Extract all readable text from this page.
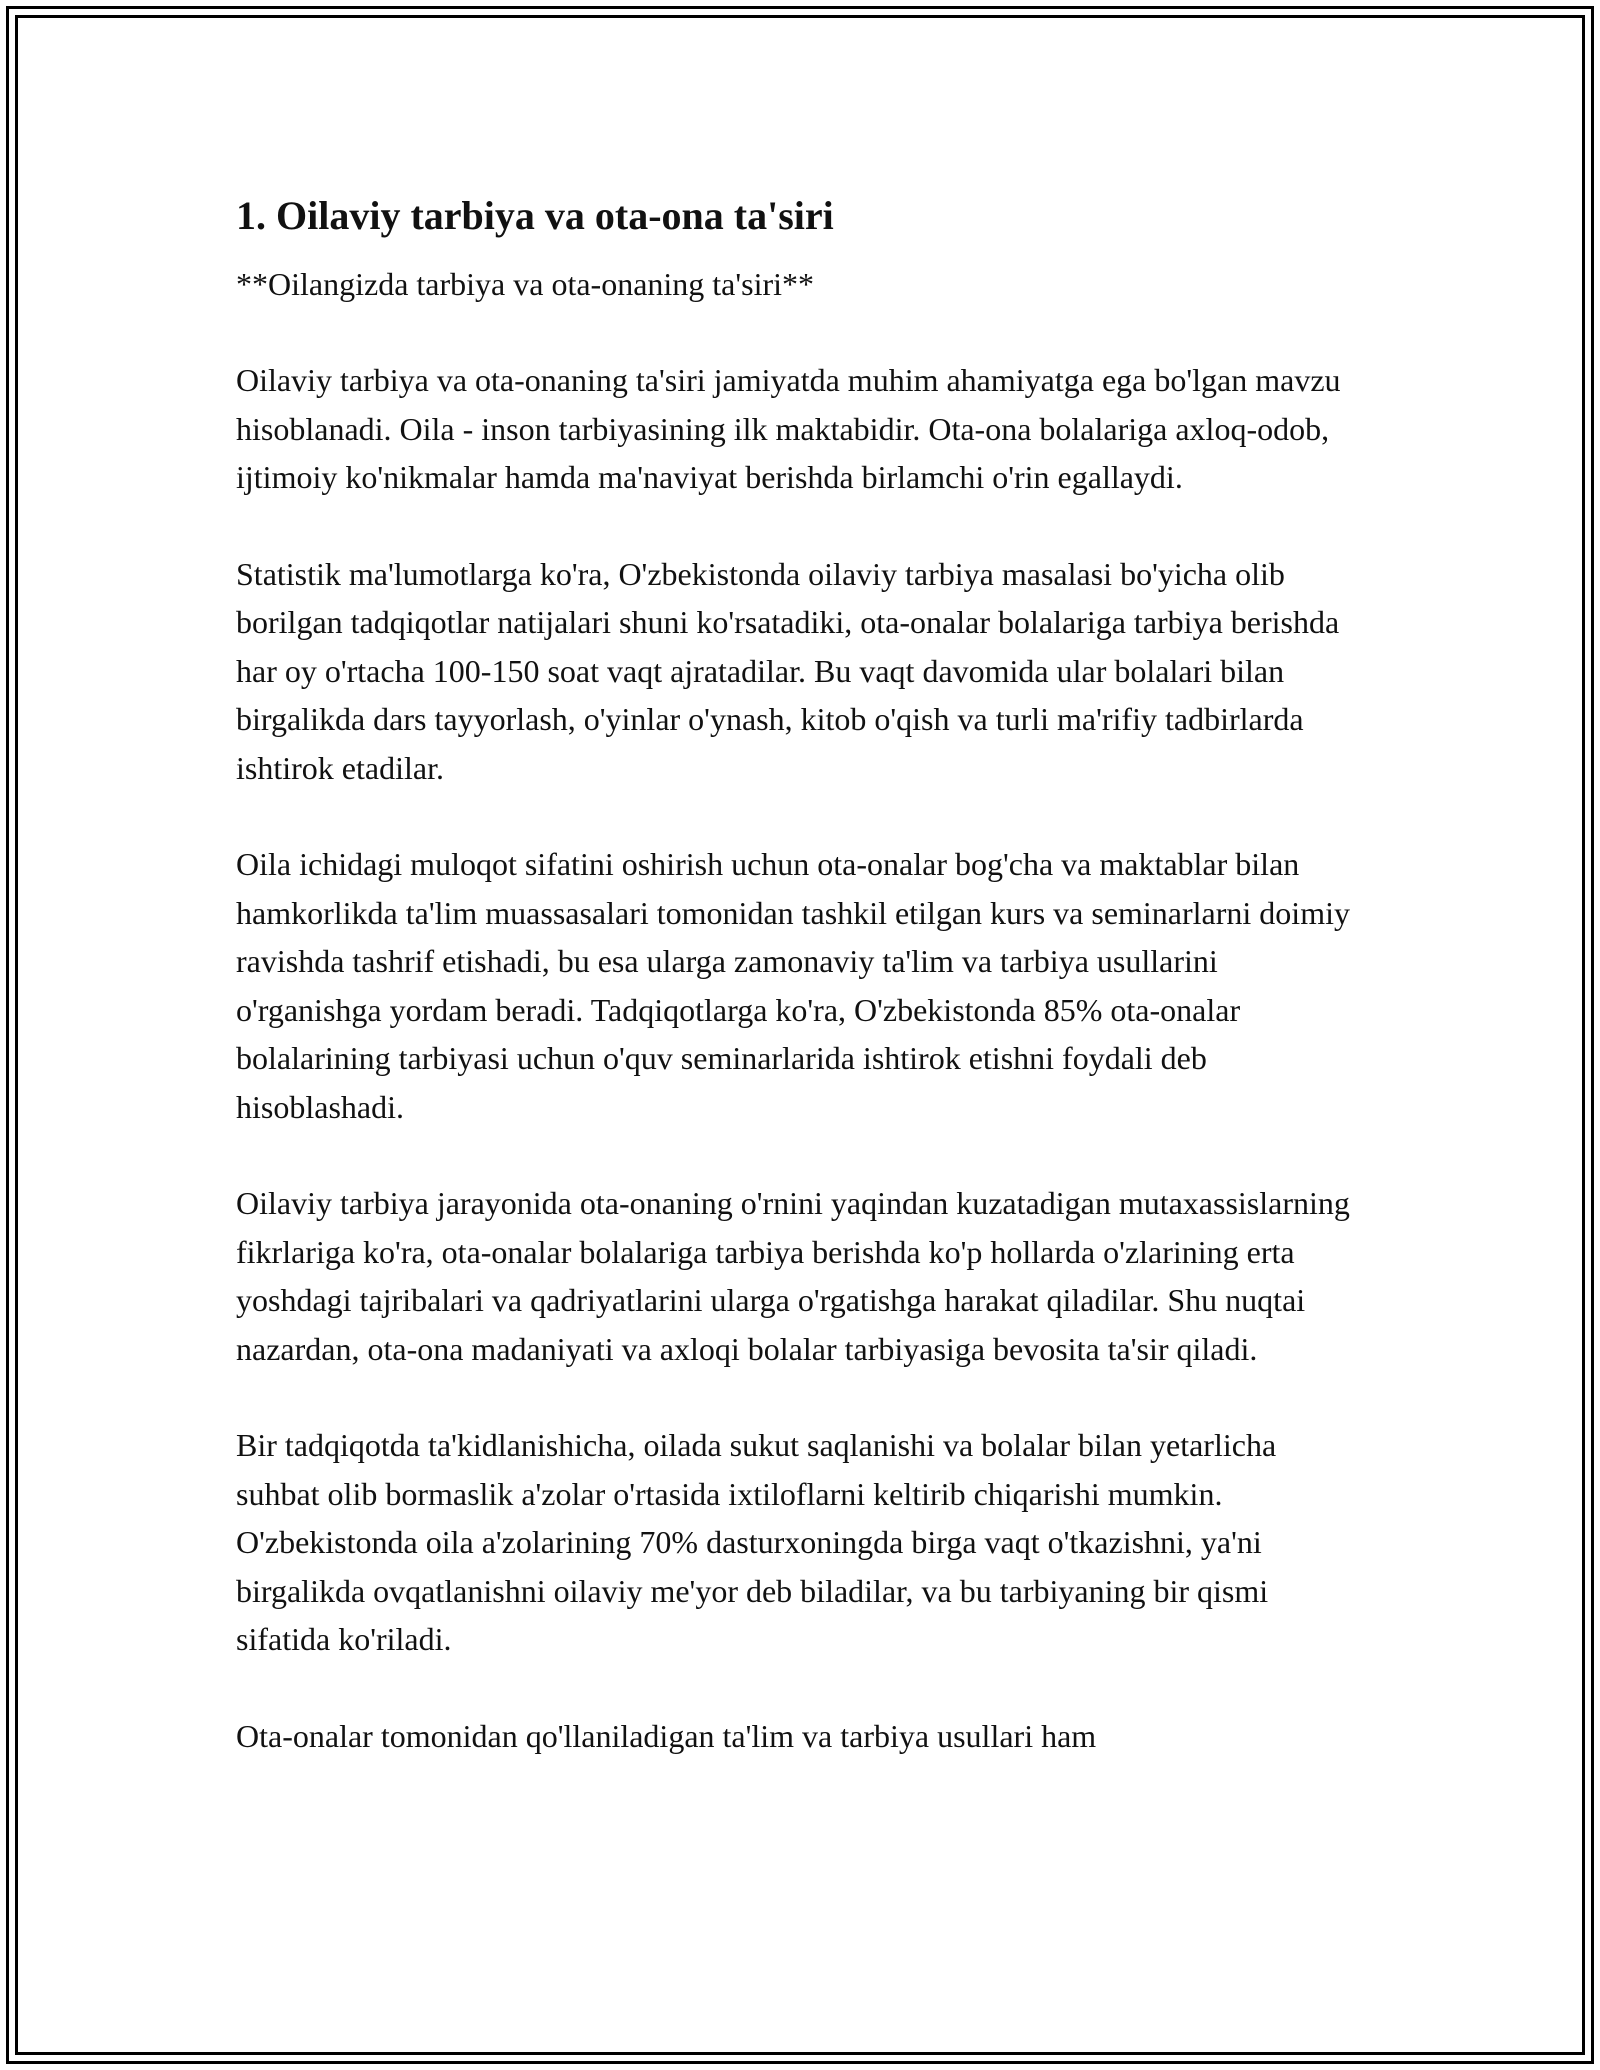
1. Oilaviy tarbiya va ota-ona ta'siri

**Oilangizda tarbiya va ota-onaning ta'siri**

Oilaviy tarbiya va ota-onaning ta'siri jamiyatda muhim ahamiyatga ega bo'lgan mavzu hisoblanadi. Oila - inson tarbiyasining ilk maktabidir. Ota-ona bolalariga axloq-odob, ijtimoiy ko'nikmalar hamda ma'naviyat berishda birlamchi o'rin egallaydi.

Statistik ma'lumotlarga ko'ra, O'zbekistonda oilaviy tarbiya masalasi bo'yicha olib borilgan tadqiqotlar natijalari shuni ko'rsatadiki, ota-onalar bolalariga tarbiya berishda har oy o'rtacha 100-150 soat vaqt ajratadilar. Bu vaqt davomida ular bolalari bilan birgalikda dars tayyorlash, o'yinlar o'ynash, kitob o'qish va turli ma'rifiy tadbirlarda ishtirok etadilar.

Oila ichidagi muloqot sifatini oshirish uchun ota-onalar bog'cha va maktablar bilan hamkorlikda ta'lim muassasalari tomonidan tashkil etilgan kurs va seminarlarni doimiy ravishda tashrif etishadi, bu esa ularga zamonaviy ta'lim va tarbiya usullarini o'rganishga yordam beradi. Tadqiqotlarga ko'ra, O'zbekistonda 85% ota-onalar bolalarining tarbiyasi uchun o'quv seminarlarida ishtirok etishni foydali deb hisoblashadi.

Oilaviy tarbiya jarayonida ota-onaning o'rnini yaqindan kuzatadigan mutaxassislarning fikrlariga ko'ra, ota-onalar bolalariga tarbiya berishda ko'p hollarda o'zlarining erta yoshdagi tajribalari va qadriyatlarini ularga o'rgatishga harakat qiladilar. Shu nuqtai nazardan, ota-ona madaniyati va axloqi bolalar tarbiyasiga bevosita ta'sir qiladi.

Bir tadqiqotda ta'kidlanishicha, oilada sukut saqlanishi va bolalar bilan yetarlicha suhbat olib bormaslik a'zolar o'rtasida ixtiloflarni keltirib chiqarishi mumkin. O'zbekistonda oila a'zolarining 70% dasturxoningda birga vaqt o'tkazishni, ya'ni birgalikda ovqatlanishni oilaviy me'yor deb biladilar, va bu tarbiyaning bir qismi sifatida ko'riladi.

Ota-onalar tomonidan qo'llaniladigan ta'lim va tarbiya usullari ham
